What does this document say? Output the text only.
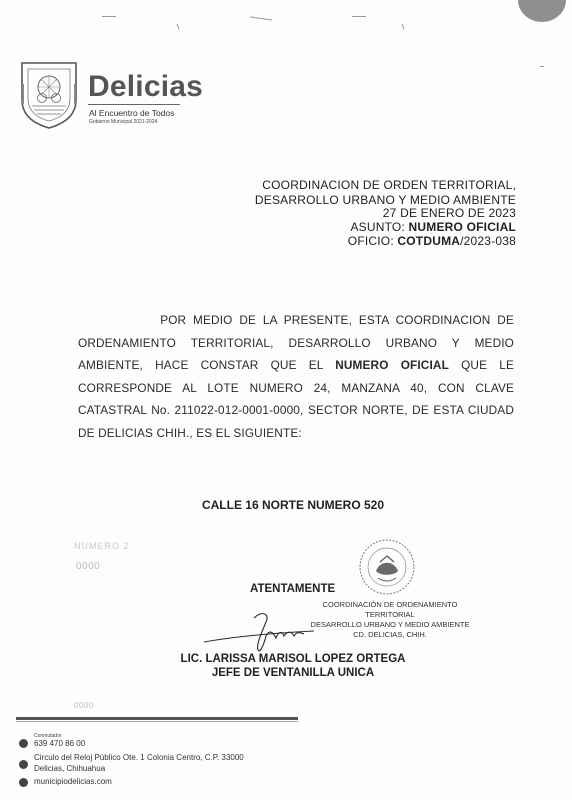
Delicias
Al Encuentro de Todos
Gobierno Municipal 2021-2024
COORDINACION DE ORDEN TERRITORIAL,
DESARROLLO URBANO Y MEDIO AMBIENTE
27 DE ENERO DE 2023
ASUNTO: NUMERO OFICIAL
OFICIO: COTDUMA/2023-038
POR MEDIO DE LA PRESENTE, ESTA COORDINACION DE ORDENAMIENTO TERRITORIAL, DESARROLLO URBANO Y MEDIO AMBIENTE, HACE CONSTAR QUE EL NUMERO OFICIAL QUE LE CORRESPONDE AL LOTE NUMERO 24, MANZANA 40, CON CLAVE CATASTRAL No. 211022-012-0001-0000, SECTOR NORTE, DE ESTA CIUDAD DE DELICIAS CHIH., ES EL SIGUIENTE:
CALLE 16 NORTE NUMERO 520
NUMERO 2
0000
ATENTAMENTE
COORDINACIÓN DE ORDENAMIENTO TERRITORIAL
DESARROLLO URBANO Y MEDIO AMBIENTE
CD. DELICIAS, CHIH.
LIC. LARISSA MARISOL LOPEZ ORTEGA
JEFE DE VENTANILLA UNICA
0000
Conmutador
639 470 86 00
Circulo del Reloj Público Ote. 1 Colonia Centro, C.P. 33000
Delicias, Chihuahua
municipiodelicias.com
